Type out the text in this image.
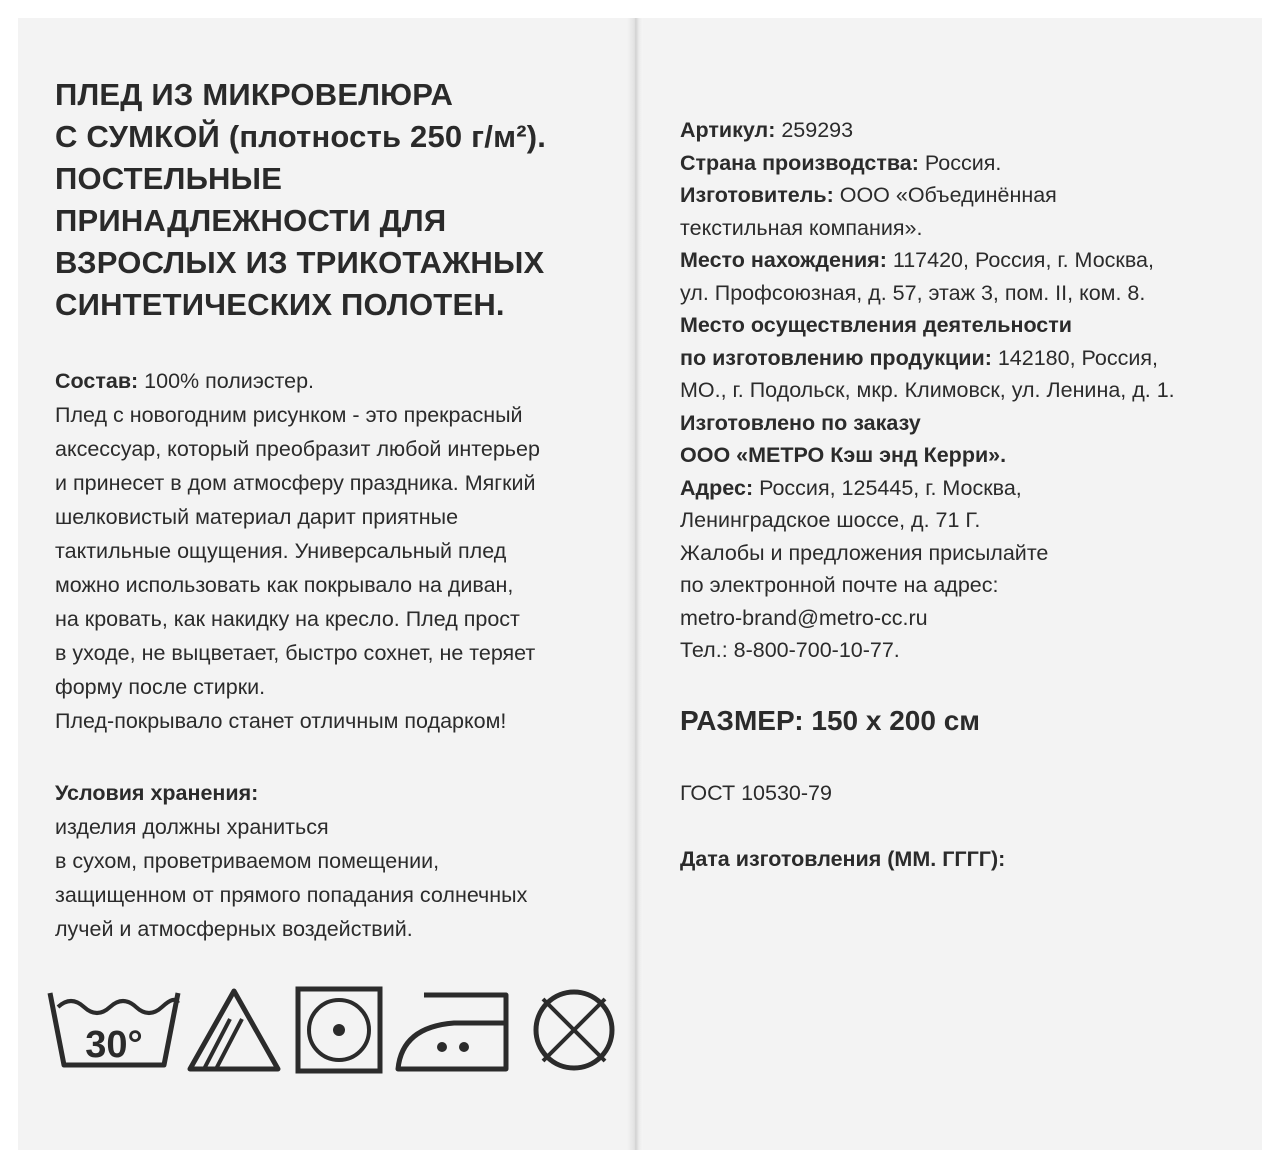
ПЛЕД ИЗ МИКРОВЕЛЮРА
С СУМКОЙ (плотность 250 г/м²).
ПОСТЕЛЬНЫЕ
ПРИНАДЛЕЖНОСТИ ДЛЯ
ВЗРОСЛЫХ ИЗ ТРИКОТАЖНЫХ
СИНТЕТИЧЕСКИХ ПОЛОТЕН.

Состав: 100% полиэстер.

Плед с новогодним рисунком - это прекрасный
аксессуар, который преобразит любой интерьер
и принесет в дом атмосферу праздника. Мягкий
шелковистый материал дарит приятные
тактильные ощущения. Универсальный плед
можно использовать как покрывало на диван,
на кровать, как накидку на кресло. Плед прост
в уходе, не выцветает, быстро сохнет, не теряет
форму после стирки.
Плед-покрывало станет отличным подарком!
Условия хранения:
изделия должны храниться
в сухом, проветриваемом помещении,
защищенном от прямого попадания солнечных
лучей и атмосферных воздействий.
30°

Артикул: 259293

Страна производства: Россия.

Изготовитель: ООО «Объединённая

текстильная компания».

Место нахождения: 117420, Россия, г. Москва,

ул. Профсоюзная, д. 57, этаж 3, пом. II, ком. 8.

Место осуществления деятельности

по изготовлению продукции: 142180, Россия,

МО., г. Подольск, мкр. Климовск, ул. Ленина, д. 1.

Изготовлено по заказу

ООО «МЕТРО Кэш энд Керри».

Адрес: Россия, 125445, г. Москва,

Ленинградское шоссе, д. 71 Г.

Жалобы и предложения присылайте

по электронной почте на адрес:

metro-brand@metro-cc.ru

Тел.: 8-800-700-10-77.

РАЗМЕР: 150 х 200 см
ГОСТ 10530-79
Дата изготовления (ММ. ГГГГ):
